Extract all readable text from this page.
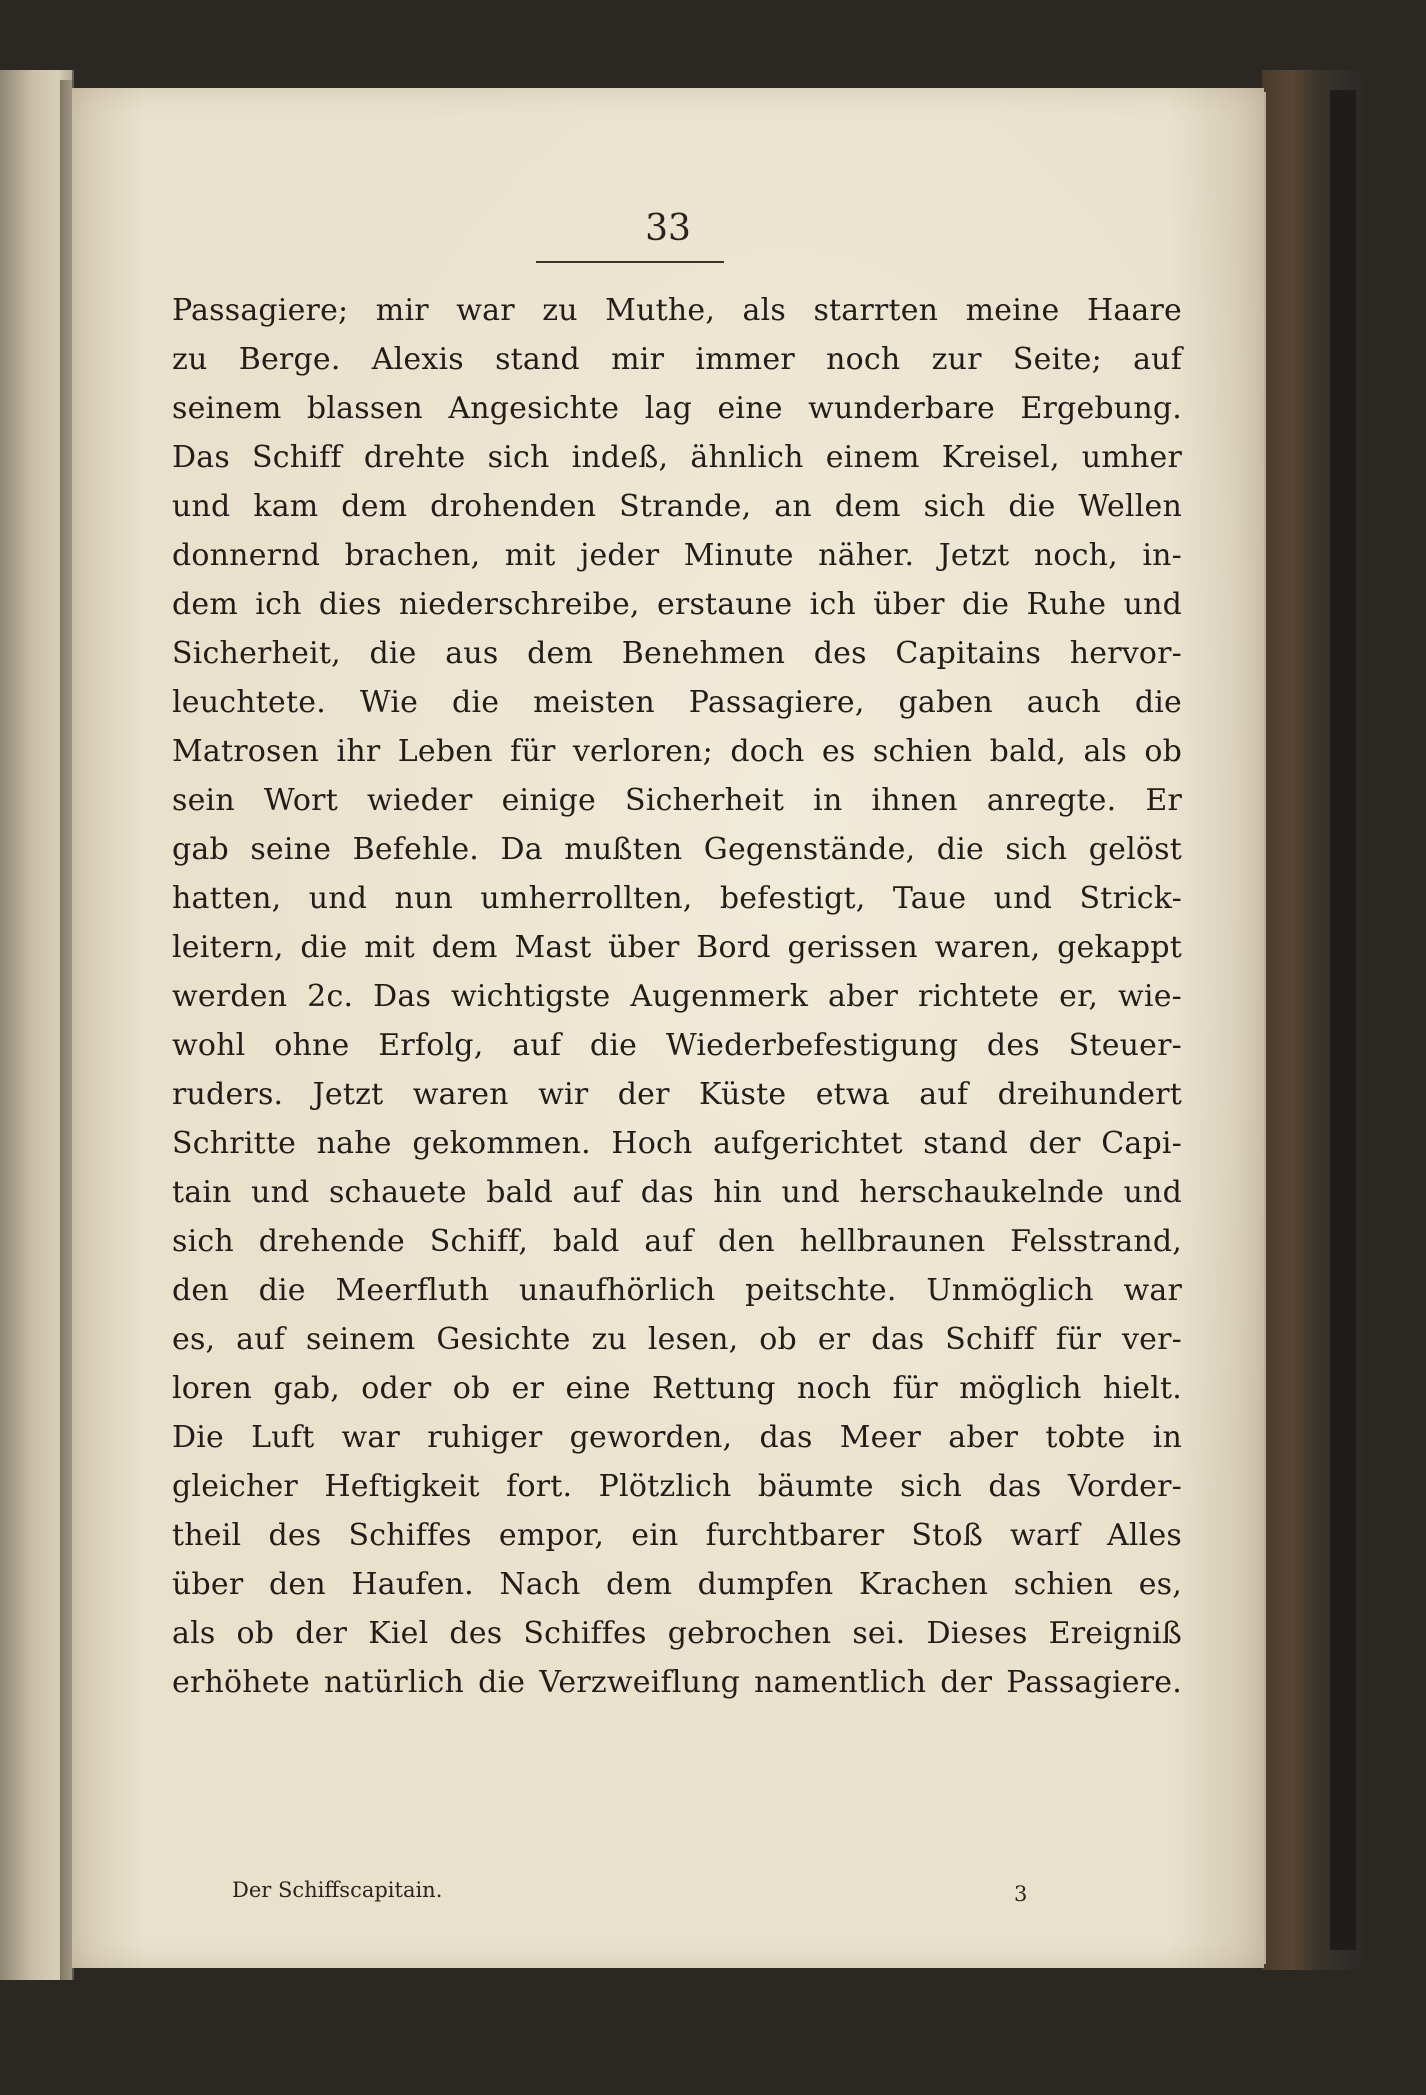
33
Passagiere; mir war zu Muthe, als starrten meine Haare
zu Berge. Alexis stand mir immer noch zur Seite; auf
seinem blassen Angesichte lag eine wunderbare Ergebung.
Das Schiff drehte sich indeß, ähnlich einem Kreisel, umher
und kam dem drohenden Strande, an dem sich die Wellen
donnernd brachen, mit jeder Minute näher. Jetzt noch, in-
dem ich dies niederschreibe, erstaune ich über die Ruhe und
Sicherheit, die aus dem Benehmen des Capitains hervor-
leuchtete. Wie die meisten Passagiere, gaben auch die
Matrosen ihr Leben für verloren; doch es schien bald, als ob
sein Wort wieder einige Sicherheit in ihnen anregte. Er
gab seine Befehle. Da mußten Gegenstände, die sich gelöst
hatten, und nun umherrollten, befestigt, Taue und Strick-
leitern, die mit dem Mast über Bord gerissen waren, gekappt
werden 2c. Das wichtigste Augenmerk aber richtete er, wie-
wohl ohne Erfolg, auf die Wiederbefestigung des Steuer-
ruders. Jetzt waren wir der Küste etwa auf dreihundert
Schritte nahe gekommen. Hoch aufgerichtet stand der Capi-
tain und schauete bald auf das hin und herschaukelnde und
sich drehende Schiff, bald auf den hellbraunen Felsstrand,
den die Meerfluth unaufhörlich peitschte. Unmöglich war
es, auf seinem Gesichte zu lesen, ob er das Schiff für ver-
loren gab, oder ob er eine Rettung noch für möglich hielt.
Die Luft war ruhiger geworden, das Meer aber tobte in
gleicher Heftigkeit fort. Plötzlich bäumte sich das Vorder-
theil des Schiffes empor, ein furchtbarer Stoß warf Alles
über den Haufen. Nach dem dumpfen Krachen schien es,
als ob der Kiel des Schiffes gebrochen sei. Dieses Ereigniß
erhöhete natürlich die Verzweiflung namentlich der Passagiere.
Der Schiffscapitain.	3
